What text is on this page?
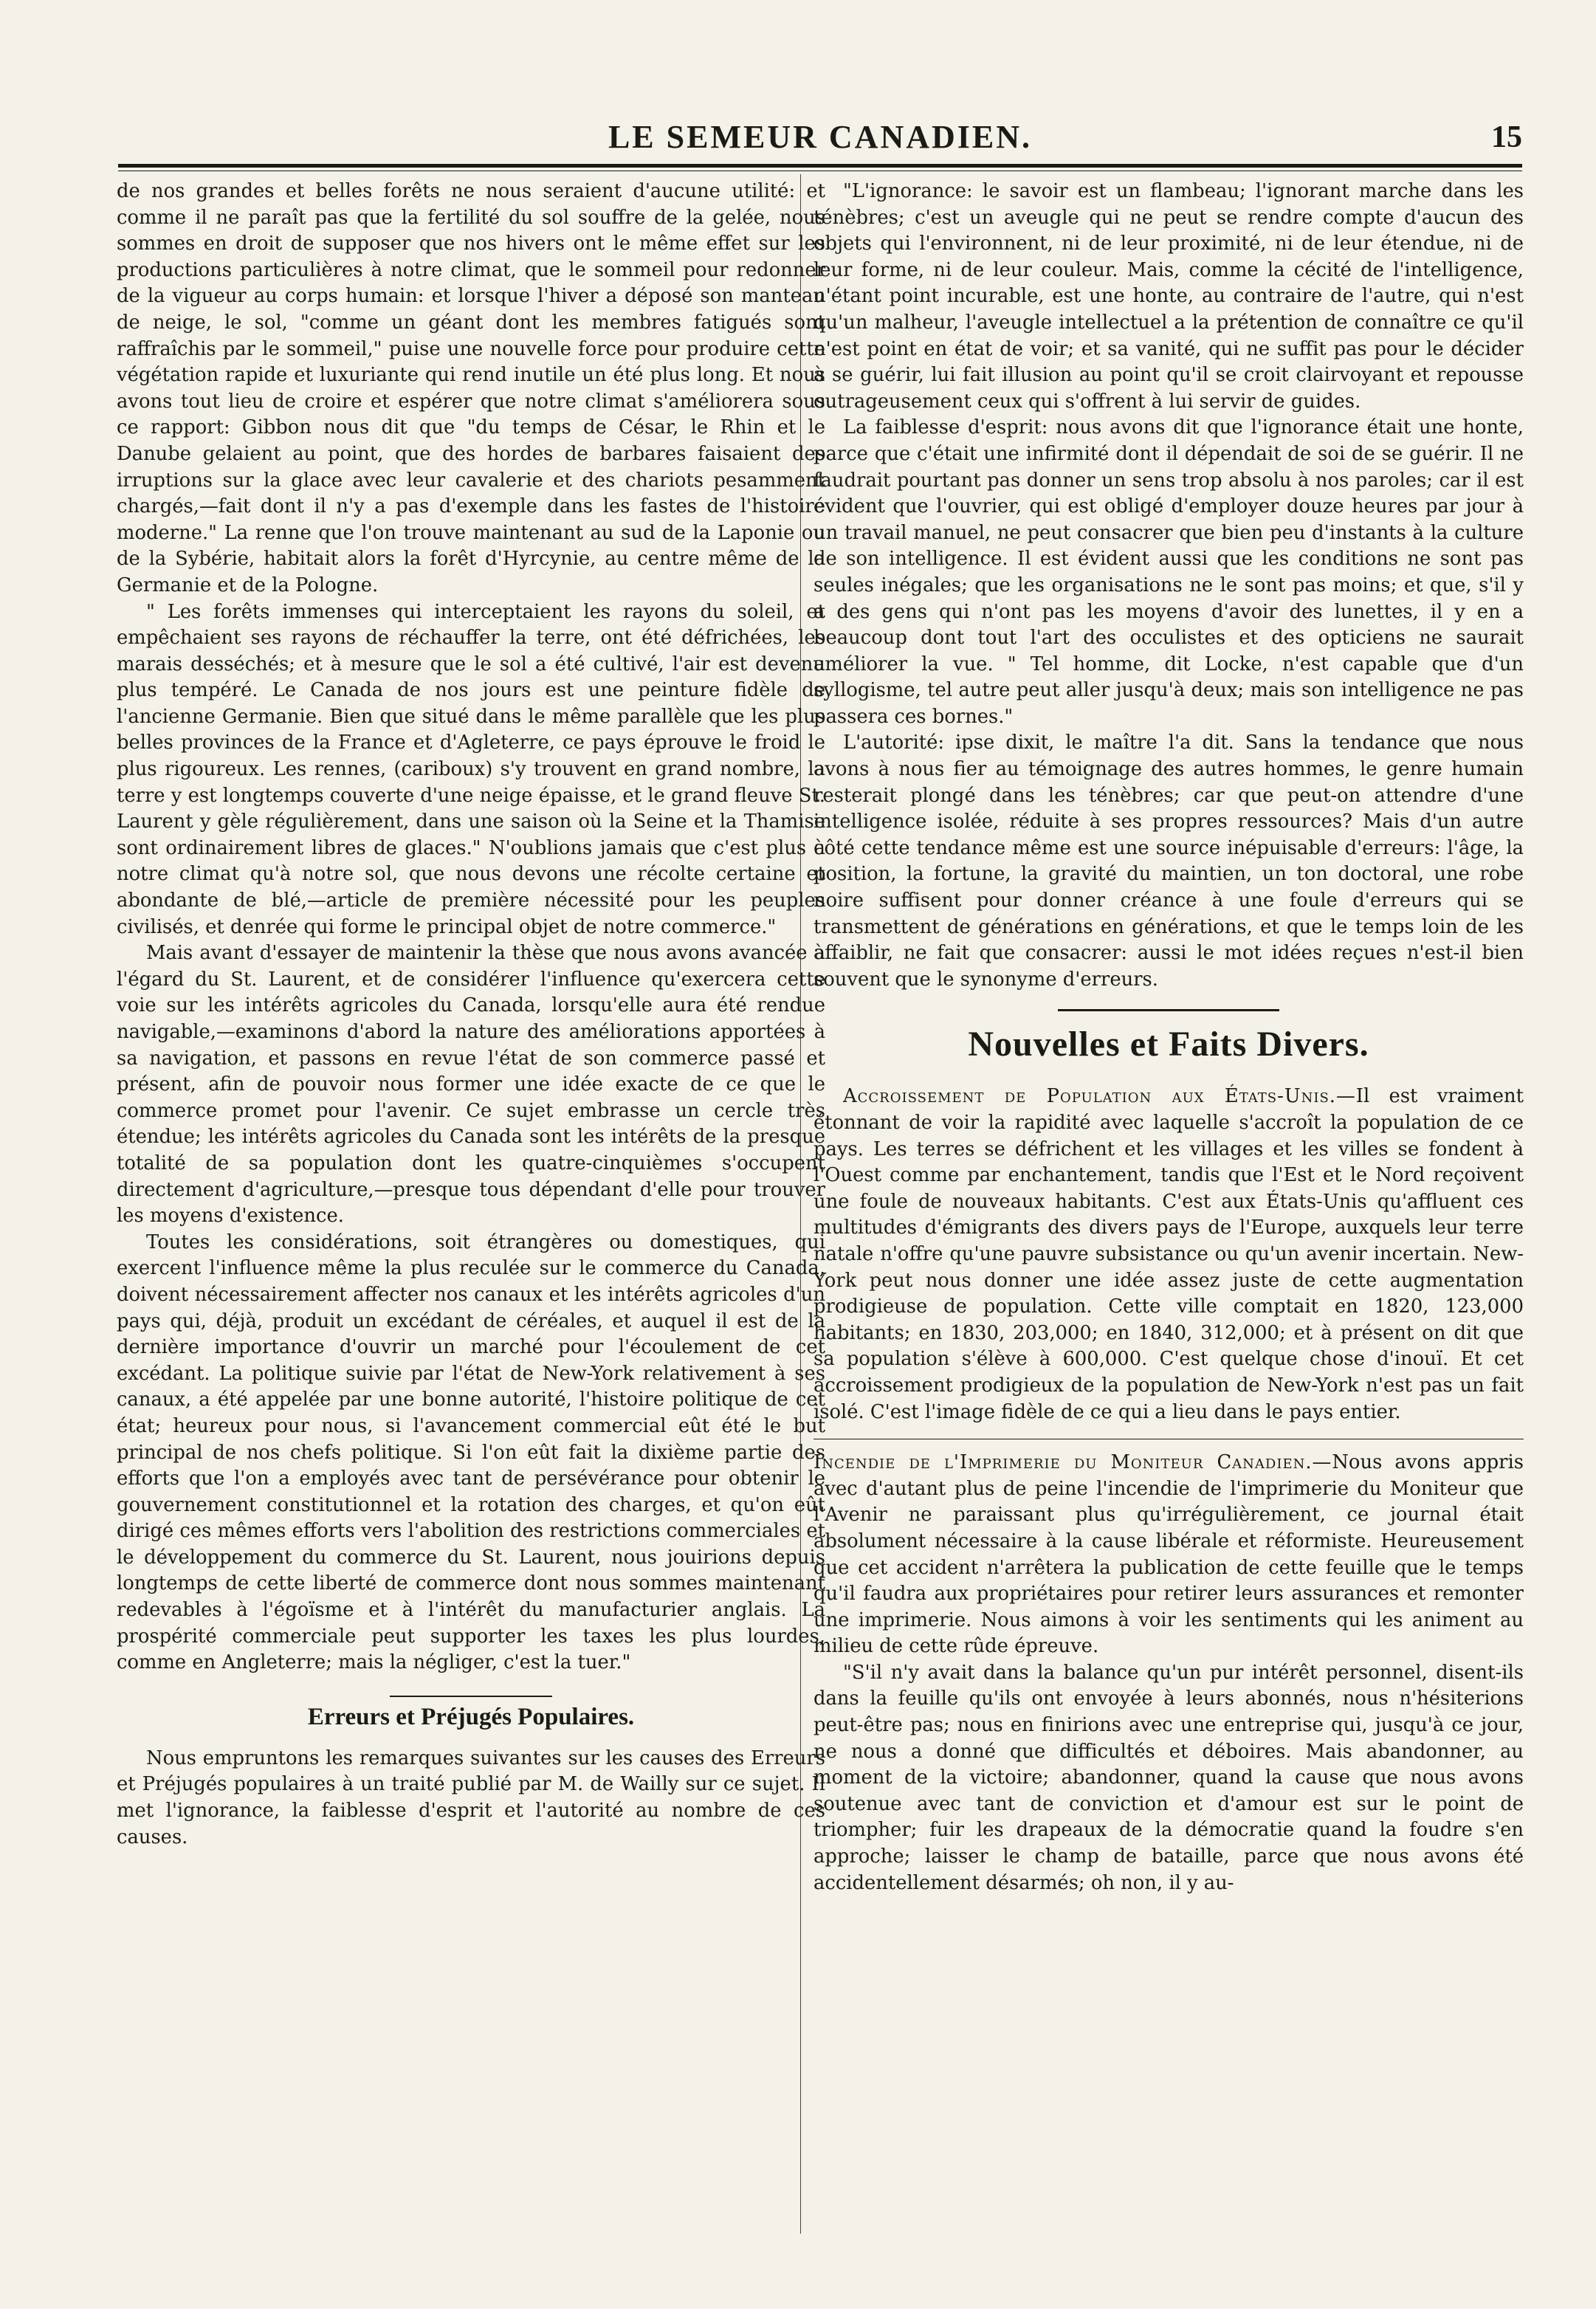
LE SEMEUR CANADIEN.	15

de nos grandes et belles forêts ne nous seraient d'aucune utilité: et comme il ne paraît pas que la fertilité du sol souffre de la gelée, nous sommes en droit de supposer que nos hivers ont le même effet sur les productions particulières à notre climat, que le sommeil pour redonner de la vigueur au corps humain: et lorsque l'hiver a déposé son manteau de neige, le sol, "comme un géant dont les membres fatigués sont raffraîchis par le sommeil," puise une nouvelle force pour produire cette végétation rapide et luxuriante qui rend inutile un été plus long. Et nous avons tout lieu de croire et espérer que notre climat s'améliorera sous ce rapport: Gibbon nous dit que "du temps de César, le Rhin et le Danube gelaient au point, que des hordes de barbares faisaient des irruptions sur la glace avec leur cavalerie et des chariots pesamment chargés,—fait dont il n'y a pas d'exemple dans les fastes de l'histoire moderne." La renne que l'on trouve maintenant au sud de la Laponie ou de la Sybérie, habitait alors la forêt d'Hyrcynie, au centre même de la Germanie et de la Pologne.

" Les forêts immenses qui interceptaient les rayons du soleil, et empêchaient ses rayons de réchauffer la terre, ont été défrichées, les marais desséchés; et à mesure que le sol a été cultivé, l'air est devenu plus tempéré. Le Canada de nos jours est une peinture fidèle de l'ancienne Germanie. Bien que situé dans le même parallèle que les plus belles provinces de la France et d'Agleterre, ce pays éprouve le froid le plus rigoureux. Les rennes, (cariboux) s'y trouvent en grand nombre, la terre y est longtemps couverte d'une neige épaisse, et le grand fleuve St. Laurent y gèle régulièrement, dans une saison où la Seine et la Thamise sont ordinairement libres de glaces." N'oublions jamais que c'est plus à notre climat qu'à notre sol, que nous devons une récolte certaine et abondante de blé,—article de première nécessité pour les peuples civilisés, et denrée qui forme le principal objet de notre commerce."

Mais avant d'essayer de maintenir la thèse que nous avons avancée à l'égard du St. Laurent, et de considérer l'influence qu'exercera cette voie sur les intérêts agricoles du Canada, lorsqu'elle aura été rendue navigable,—examinons d'abord la nature des améliorations apportées à sa navigation, et passons en revue l'état de son commerce passé et présent, afin de pouvoir nous former une idée exacte de ce que le commerce promet pour l'avenir. Ce sujet embrasse un cercle très étendue; les intérêts agricoles du Canada sont les intérêts de la presque totalité de sa population dont les quatre-cinquièmes s'occupent directement d'agriculture,—presque tous dépendant d'elle pour trouver les moyens d'existence.

Toutes les considérations, soit étrangères ou domestiques, qui exercent l'influence même la plus reculée sur le commerce du Canada, doivent nécessairement affecter nos canaux et les intérêts agricoles d'un pays qui, déjà, produit un excédant de céréales, et auquel il est de la dernière importance d'ouvrir un marché pour l'écoulement de cet excédant. La politique suivie par l'état de New-York relativement à ses canaux, a été appelée par une bonne autorité, l'histoire politique de cet état; heureux pour nous, si l'avancement commercial eût été le but principal de nos chefs politique. Si l'on eût fait la dixième partie des efforts que l'on a employés avec tant de persévérance pour obtenir le gouvernement constitutionnel et la rotation des charges, et qu'on eût dirigé ces mêmes efforts vers l'abolition des restrictions commerciales et le développement du commerce du St. Laurent, nous jouirions depuis longtemps de cette liberté de commerce dont nous sommes maintenant redevables à l'égoïsme et à l'intérêt du manufacturier anglais. La prospérité commerciale peut supporter les taxes les plus lourdes, comme en Angleterre; mais la négliger, c'est la tuer."

Erreurs et Préjugés Populaires.

Nous empruntons les remarques suivantes sur les causes des Erreurs et Préjugés populaires à un traité publié par M. de Wailly sur ce sujet. Il met l'ignorance, la faiblesse d'esprit et l'autorité au nombre de ces causes.

"L'ignorance: le savoir est un flambeau; l'ignorant marche dans les ténèbres; c'est un aveugle qui ne peut se rendre compte d'aucun des objets qui l'environnent, ni de leur proximité, ni de leur étendue, ni de leur forme, ni de leur couleur. Mais, comme la cécité de l'intelligence, n'étant point incurable, est une honte, au contraire de l'autre, qui n'est qu'un malheur, l'aveugle intellectuel a la prétention de connaître ce qu'il n'est point en état de voir; et sa vanité, qui ne suffit pas pour le décider à se guérir, lui fait illusion au point qu'il se croit clairvoyant et repousse outrageusement ceux qui s'offrent à lui servir de guides.

La faiblesse d'esprit: nous avons dit que l'ignorance était une honte, parce que c'était une infirmité dont il dépendait de soi de se guérir. Il ne faudrait pourtant pas donner un sens trop absolu à nos paroles; car il est évident que l'ouvrier, qui est obligé d'employer douze heures par jour à un travail manuel, ne peut consacrer que bien peu d'instants à la culture de son intelligence. Il est évident aussi que les conditions ne sont pas seules inégales; que les organisations ne le sont pas moins; et que, s'il y a des gens qui n'ont pas les moyens d'avoir des lunettes, il y en a beaucoup dont tout l'art des occulistes et des opticiens ne saurait améliorer la vue. " Tel homme, dit Locke, n'est capable que d'un syllogisme, tel autre peut aller jusqu'à deux; mais son intelligence ne pas passera ces bornes."

L'autorité: ipse dixit, le maître l'a dit. Sans la tendance que nous avons à nous fier au témoignage des autres hommes, le genre humain resterait plongé dans les ténèbres; car que peut-on attendre d'une intelligence isolée, réduite à ses propres ressources? Mais d'un autre côté cette tendance même est une source inépuisable d'erreurs: l'âge, la position, la fortune, la gravité du maintien, un ton doctoral, une robe noire suffisent pour donner créance à une foule d'erreurs qui se transmettent de générations en générations, et que le temps loin de les affaiblir, ne fait que consacrer: aussi le mot idées reçues n'est-il bien souvent que le synonyme d'erreurs.

Nouvelles et Faits Divers.

Accroissement de Population aux États-Unis.—Il est vraiment étonnant de voir la rapidité avec laquelle s'accroît la population de ce pays. Les terres se défrichent et les villages et les villes se fondent à l'Ouest comme par enchantement, tandis que l'Est et le Nord reçoivent une foule de nouveaux habitants. C'est aux États-Unis qu'affluent ces multitudes d'émigrants des divers pays de l'Europe, auxquels leur terre natale n'offre qu'une pauvre subsistance ou qu'un avenir incertain. New-York peut nous donner une idée assez juste de cette augmentation prodigieuse de population. Cette ville comptait en 1820, 123,000 habitants; en 1830, 203,000; en 1840, 312,000; et à présent on dit que sa population s'élève à 600,000. C'est quelque chose d'inouï. Et cet accroissement prodigieux de la population de New-York n'est pas un fait isolé. C'est l'image fidèle de ce qui a lieu dans le pays entier.

Incendie de l'Imprimerie du Moniteur Canadien.—Nous avons appris avec d'autant plus de peine l'incendie de l'imprimerie du Moniteur que l'Avenir ne paraissant plus qu'irrégulièrement, ce journal était absolument nécessaire à la cause libérale et réformiste. Heureusement que cet accident n'arrêtera la publication de cette feuille que le temps qu'il faudra aux propriétaires pour retirer leurs assurances et remonter une imprimerie. Nous aimons à voir les sentiments qui les animent au milieu de cette rûde épreuve.

"S'il n'y avait dans la balance qu'un pur intérêt personnel, disent-ils dans la feuille qu'ils ont envoyée à leurs abonnés, nous n'hésiterions peut-être pas; nous en finirions avec une entreprise qui, jusqu'à ce jour, ne nous a donné que difficultés et déboires. Mais abandonner, au moment de la victoire; abandonner, quand la cause que nous avons soutenue avec tant de conviction et d'amour est sur le point de triompher; fuir les drapeaux de la démocratie quand la foudre s'en approche; laisser le champ de bataille, parce que nous avons été accidentellement désarmés; oh non, il y au-
